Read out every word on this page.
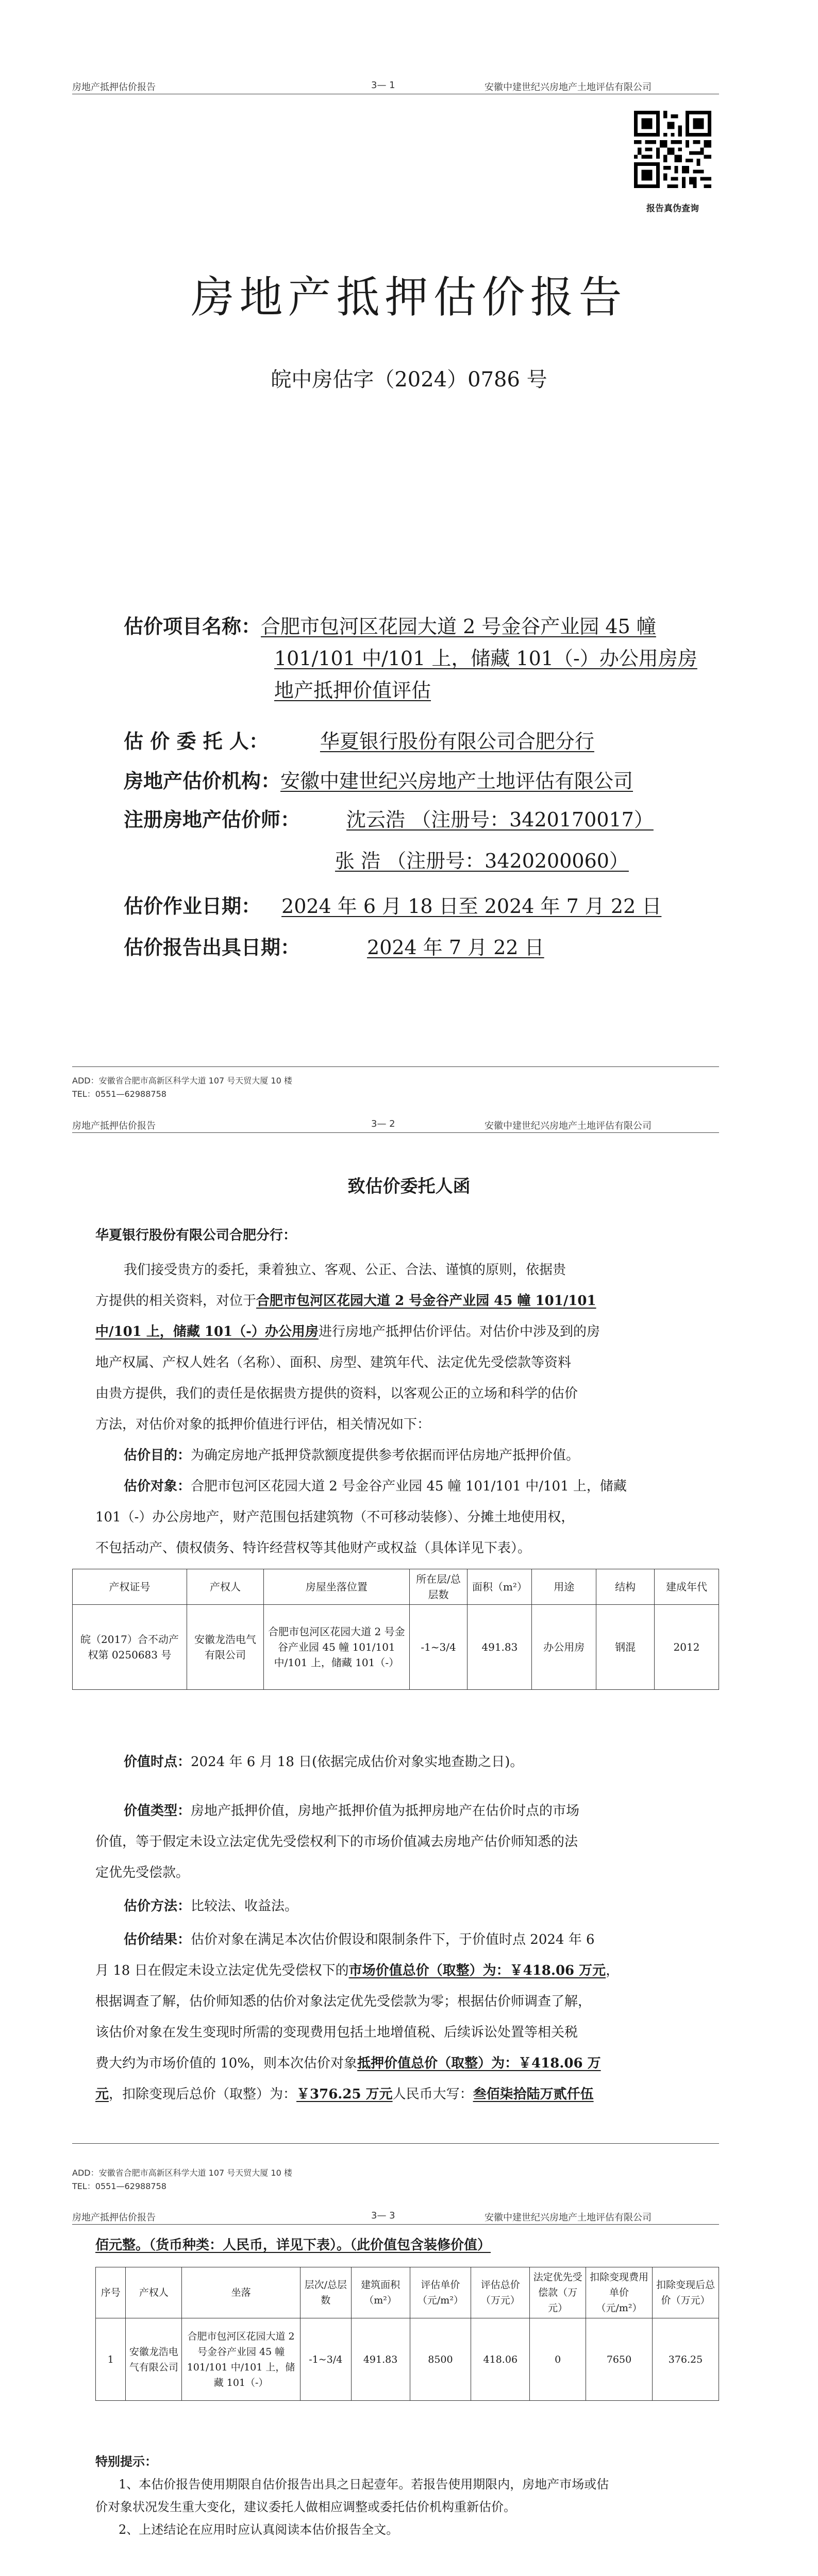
房地产抵押估价报告	3— 1	安徽中建世纪兴房地产土地评估有限公司
报告真伪查询
房地产抵押估价报告
皖中房估字（2024）0786 号
估价项目名称：合肥市包河区花园大道 2 号金谷产业园 45 幢
101/101 中/101 上，储藏 101（-）办公用房房
地产抵押价值评估
估 价 委 托 人：	华夏银行股份有限公司合肥分行
房地产估价机构：安徽中建世纪兴房地产土地评估有限公司
注册房地产估价师： 沈云浩 （注册号：3420170017）
张 浩 （注册号：3420200060）
估价作业日期： 2024 年 6 月 18 日至 2024 年 7 月 22 日
估价报告出具日期：	2024 年 7 月 22 日
ADD：安徽省合肥市高新区科学大道 107 号天贸大厦 10 楼
TEL：0551—62988758
房地产抵押估价报告	3— 2	安徽中建世纪兴房地产土地评估有限公司
致估价委托人函
华夏银行股份有限公司合肥分行：
我们接受贵方的委托，秉着独立、客观、公正、合法、谨慎的原则，依据贵
方提供的相关资料，对位于合肥市包河区花园大道 2 号金谷产业园 45 幢 101/101
中/101 上，储藏 101（-）办公用房进行房地产抵押估价评估。对估价中涉及到的房
地产权属、产权人姓名（名称）、面积、房型、建筑年代、法定优先受偿款等资料
由贵方提供，我们的责任是依据贵方提供的资料，以客观公正的立场和科学的估价
方法，对估价对象的抵押价值进行评估，相关情况如下：
估价目的：为确定房地产抵押贷款额度提供参考依据而评估房地产抵押价值。
估价对象：合肥市包河区花园大道 2 号金谷产业园 45 幢 101/101 中/101 上，储藏
101（-）办公房地产，财产范围包括建筑物（不可移动装修）、分摊土地使用权，
不包括动产、债权债务、特许经营权等其他财产或权益（具体详见下表）。
产权证号	产权人	房屋坐落位置	所在层/总层数	面积（m²）	用途	结构	建成年代
皖（2017）合不动产权第 0250683 号	安徽龙浩电气有限公司	合肥市包河区花园大道 2 号金谷产业园 45 幢 101/101 中/101 上，储藏 101（-）	-1~3/4	491.83	办公用房	钢混	2012
价值时点：2024 年 6 月 18 日(依据完成估价对象实地查勘之日)。
价值类型：房地产抵押价值，房地产抵押价值为抵押房地产在估价时点的市场
价值，等于假定未设立法定优先受偿权利下的市场价值减去房地产估价师知悉的法
定优先受偿款。
估价方法：比较法、收益法。
估价结果：估价对象在满足本次估价假设和限制条件下，于价值时点 2024 年 6
月 18 日在假定未设立法定优先受偿权下的市场价值总价（取整）为：￥418.06 万元，
根据调查了解，估价师知悉的估价对象法定优先受偿款为零；根据估价师调查了解，
该估价对象在发生变现时所需的变现费用包括土地增值税、后续诉讼处置等相关税
费大约为市场价值的 10%，则本次估价对象抵押价值总价（取整）为：￥418.06 万
元，扣除变现后总价（取整）为：￥376.25 万元人民币大写：叁佰柒拾陆万贰仟伍
ADD：安徽省合肥市高新区科学大道 107 号天贸大厦 10 楼
TEL：0551—62988758
房地产抵押估价报告	3— 3	安徽中建世纪兴房地产土地评估有限公司
佰元整。（货币种类：人民币，详见下表）。（此价值包含装修价值）
序号	产权人	坐落	层次/总层数	建筑面积（m²）	评估单价（元/m²）	评估总价（万元）	法定优先受偿款（万元）	扣除变现费用单价（元/m²）	扣除变现后总价（万元）
1	安徽龙浩电气有限公司	合肥市包河区花园大道 2 号金谷产业园 45 幢 101/101 中/101 上，储藏 101（-）	-1~3/4	491.83	8500	418.06	0	7650	376.25
特别提示：
1、本估价报告使用期限自估价报告出具之日起壹年。若报告使用期限内，房地产市场或估
价对象状况发生重大变化，建议委托人做相应调整或委托估价机构重新估价。
2、上述结论在应用时应认真阅读本估价报告全文。
